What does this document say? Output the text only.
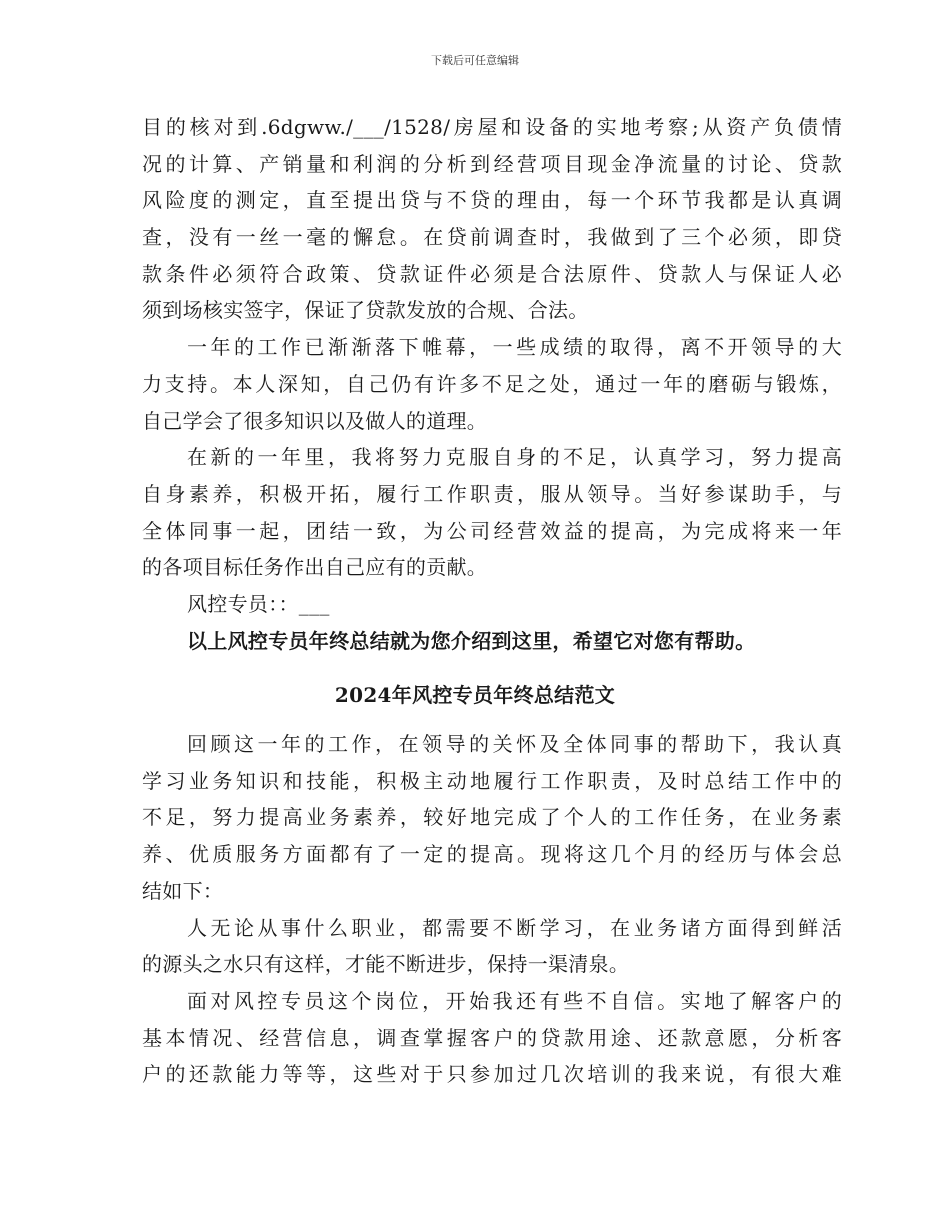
下载后可任意编辑
目的核对到.6dgww./___/1528/房屋和设备的实地考察;从资产负债情
况的计算、产销量和利润的分析到经营项目现金净流量的讨论、贷款
风险度的测定，直至提出贷与不贷的理由，每一个环节我都是认真调
查，没有一丝一毫的懈怠。在贷前调查时，我做到了三个必须，即贷
款条件必须符合政策、贷款证件必须是合法原件、贷款人与保证人必
须到场核实签字，保证了贷款发放的合规、合法。
一年的工作已渐渐落下帷幕，一些成绩的取得，离不开领导的大
力支持。本人深知，自己仍有许多不足之处，通过一年的磨砺与锻炼，
自己学会了很多知识以及做人的道理。
在新的一年里，我将努力克服自身的不足，认真学习，努力提高
自身素养，积极开拓，履行工作职责，服从领导。当好参谋助手，与
全体同事一起，团结一致，为公司经营效益的提高，为完成将来一年
的各项目标任务作出自己应有的贡献。
风控专员：：___
以上风控专员年终总结就为您介绍到这里，希望它对您有帮助。
2024年风控专员年终总结范文
回顾这一年的工作，在领导的关怀及全体同事的帮助下，我认真
学习业务知识和技能，积极主动地履行工作职责，及时总结工作中的
不足，努力提高业务素养，较好地完成了个人的工作任务，在业务素
养、优质服务方面都有了一定的提高。现将这几个月的经历与体会总
结如下：
人无论从事什么职业，都需要不断学习，在业务诸方面得到鲜活
的源头之水只有这样，才能不断进步，保持一渠清泉。
面对风控专员这个岗位，开始我还有些不自信。实地了解客户的
基本情况、经营信息，调查掌握客户的贷款用途、还款意愿，分析客
户的还款能力等等，这些对于只参加过几次培训的我来说，有很大难
